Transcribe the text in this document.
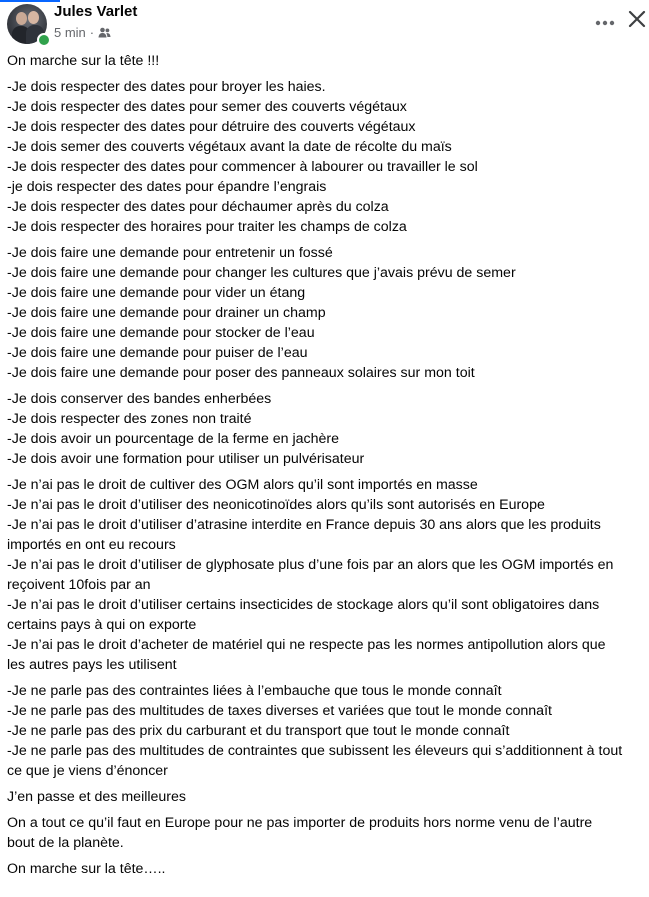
Jules Varlet
5 min ·
On marche sur la tête !!!
-Je dois respecter des dates pour broyer les haies.
-Je dois respecter des dates pour semer des couverts végétaux
-Je dois respecter des dates pour détruire des couverts végétaux
-Je dois semer des couverts végétaux avant la date de récolte du maïs
-Je dois respecter des dates pour commencer à labourer ou travailler le sol
-je dois respecter des dates pour épandre l’engrais
-Je dois respecter des dates pour déchaumer après du colza
-Je dois respecter des horaires pour traiter les champs de colza
-Je dois faire une demande pour entretenir un fossé
-Je dois faire une demande pour changer les cultures que j’avais prévu de semer
-Je dois faire une demande pour vider un étang
-Je dois faire une demande pour drainer un champ
-Je dois faire une demande pour stocker de l’eau
-Je dois faire une demande pour puiser de l’eau
-Je dois faire une demande pour poser des panneaux solaires sur mon toit
-Je dois conserver des bandes enherbées
-Je dois respecter des zones non traité
-Je dois avoir un pourcentage de la ferme en jachère
-Je dois avoir une formation pour utiliser un pulvérisateur
-Je n’ai pas le droit de cultiver des OGM alors qu’il sont importés en masse
-Je n’ai pas le droit d’utiliser des neonicotinoïdes alors qu’ils sont autorisés en Europe
-Je n’ai pas le droit d’utiliser d’atrasine interdite en France depuis 30 ans alors que les produits
importés en ont eu recours
-Je n’ai pas le droit d’utiliser de glyphosate plus d’une fois par an alors que les OGM importés en
reçoivent 10fois par an
-Je n’ai pas le droit d’utiliser certains insecticides de stockage alors qu’il sont obligatoires dans
certains pays à qui on exporte
-Je n’ai pas le droit d’acheter de matériel qui ne respecte pas les normes antipollution alors que
les autres pays les utilisent
-Je ne parle pas des contraintes liées à l’embauche que tous le monde connaît
-Je ne parle pas des multitudes de taxes diverses et variées que tout le monde connaît
-Je ne parle pas des prix du carburant et du transport que tout le monde connaît
-Je ne parle pas des multitudes de contraintes que subissent les éleveurs qui s’additionnent à tout
ce que je viens d’énoncer
J’en passe et des meilleures
On a tout ce qu’il faut en Europe pour ne pas importer de produits hors norme venu de l’autre
bout de la planète.
On marche sur la tête…..
